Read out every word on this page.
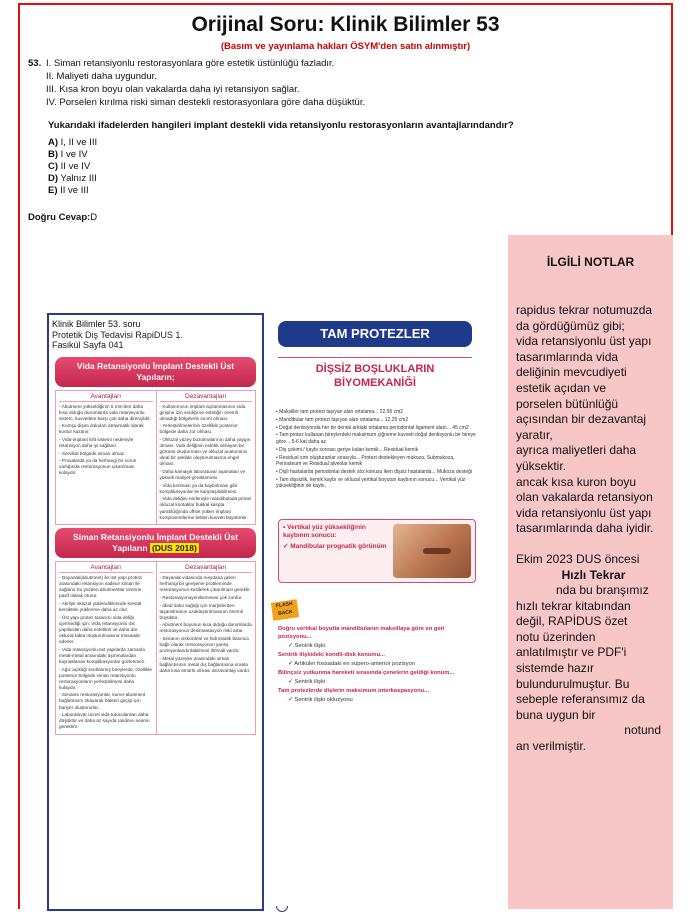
Orijinal Soru: Klinik Bilimler 53
(Basım ve yayınlama hakları ÖSYM'den satın alınmıştır)
53. I. Siman retansiyonlu restorasyonlara göre estetik üstünlüğü fazladır.
II. Maliyeti daha uygundur.
III. Kısa kron boyu olan vakalarda daha iyi retansiyon sağlar.
IV. Porselen kırılma riski siman destekli restorasyonlara göre daha düşüktür.
Yukarıdaki ifadelerden hangileri implant destekli vida retansiyonlu restorasyonların avantajlarındandır?
A) I, II ve III
B) I ve IV
C) II ve IV
D) Yalnız III
E) II ve III
Doğru Cevap:D
Klinik Bilimler 53. soru
Protetik Diş Tedavisi RapiDUS 1.
Fasikül Sayfa 041
Vida Retansiyonlu İmplant Destekli Üst Yapıların;
Avantajları
- Abutment yüksekliğinin 5 mm'den daha kısa olduğu durumlarda vida retansiyonlu sistem, kuvvetlere karşı çok daha dirençlidir.
- Komşu dişeti dokuları atravmatik olarak kontur kazanır.
- Vida-implant kilit sistemi nedeniyle retansiyon daha iyi sağlanır.
- Servikal bölgede siman olmaz.
- Provalarda ya da herhangi bir sorun varlığında restorasyonun çıkarılması kolaydır.
Dezavantajları
- Kullanımının implant açılanmasının vida girişine izin verdiği ve estetiğin önemli olmadığı bölgelerle sınırlı olması.
- Yerleştirilmelerinin özellikle posterior bölgede daha zor olması.
- Okluzal yüzey bozulmalarının daha yaygın olması. Vida deliğinin estetik olmayan bir görüntü oluşturması ve okluzal anatominin ideal bir şekilde oluşturulmasına engel olması.
- Daha kamaşık laboratuvar aşamaları ve yüksek maliyet gerektirmesi.
- Vida kırılması ya da kaybolması gibi komplikasyonlar ile karşılaşılabilmesi.
- Vida deliğini nedeniyle mandibulada primer okluzal kontaklar bukkal kaspta yaratıldığında offset yükler implant komponentlerine iletilen kuvveti büyütürler.
Siman Retansiyonlu İmplant Destekli Üst Yapıların (DUS 2018)
Avantajları
- Dayanak(abutment) ile üst yapı protezi arasındaki retansiyon sadece siman ile sağlanır bu yüzden abutmentlar üzerine pasif olarak oturur.
- Akrilyk okluzal yüklendiklerinde krestal kemikteki yüklenme daha az olur.
- Üst yapı protez tasarımı vida deliği içermediği için; Vida retansiyonlu üst yapılardan daha estetiktir ve daha dar okluzal tabla oluşturulmasına müsaade ederler.
- Vida retansiyonlu üst yapılarda zamanla metal-metal arasındaki aşınmalardan kaynaklanan komplikasyonlar gözlenmez.
- Ağız açıklığı kısıtlanmış bireylerde, özellikle posterior bölgede siman retansiyonlu restorasyonların yerleştirilmesi daha kolaydır.
- Simante restorasyonlar, kuron-abutment bağlantısını tıkayarak bakteri geçişi için bariyer oluştururlar.
- Laboratuvar ücreti vida tutuculardan daha düşüktür ve daha az sayıda randevu seansı gerektirir.
Dezavantajları
- Dayanak vidasında meydana gelen herhangi bir gevşeme probleminde restorasyonun kesilerek çıkarılması gereklir.
- Restorasyonuyeniliemmesi çok zordur.
- İdeal doku sağlığı için marjinlerden taşanslmanın uzaklaştırılmasının önemli büyüktür.
- Abutment boyunun kısa olduğu durumlarda restorasyonun desimantasyon riski artar.
- Simanın viskozitesi ve hidrostatik basınca bağlı olarak restorasyonun yanlış pozisyonlandırılabilmesi ihtimali vardır.
- Metal yüzeyler arasındaki siman bağlantısının metal dış bağlantısına oranla daha kısa ömürlü olması dezavantajı vardır.
TAM PROTEZLER
DİŞSİZ BOŞLUKLARIN BİYOMEKANİĞİ
• Maksiller tam protezi taşıyan alan ortalama... 22,96 cm2
• Mandibular tam protezi taşıyan alan ortalama... 12,25 cm2
• Doğal dentisyonda her bir dental arktaki ortalama periodontal ligament alanı... 45 cm2
• Tam protez kullanan bireylerdeki maksimum çiğneme kuvveti doğal dentisyonlu bir bireye göre... 5-6 kat daha az
• Diş çekimi / kaybı sonrası geriye kalan kemik... Residual kemik
• Residual sırtı oluşturanlar sırasıyla... Protezi destekleyen mukoza, Submukoza, Periosteum ve Residual alveolar kemik
• Dişli hastalarda periodontal destek söz konusu iken dişsiz hastalarda... Mukoza desteği
• Tam dişsizlik, kemik kaybı ve okluzal vertikal boyutun kaybının sonucu... Vertikal yüz yüksekliğinin de kaybı,
• Vertikal yüz yüksekliğinin kaybının sonucu:
✓ Mandibular prognatik görünüm
FLASH BACK
Doğru vertikal boyutta mandibulanın maksillaya göre en geri pozisyonu...
✓ Sentrik ilişki
Sentrik ilişkideki kondil-disk konumu...
✓ Artiküler fossadaki en süpero-anterior pozisyon
Bilinçsiz yutkunma hareketi sırasında çenelerin geldiği konum...
✓ Sentrik ilişki
Tam protezlerde dişlerin maksimum interkaspasyonu...
✓ Sentrik ilişki okluzyonu
İLGİLİ NOTLAR
rapidus tekrar notumuzda
da gördüğümüz gibi;
vida retansiyonlu üst yapı
tasarımlarında vida
deliğinin mevcudiyeti
estetik açıdan ve
porselen bütünlüğü
açısından bir dezavantaj
yaratır,
ayrıca maliyetleri daha
yüksektir.
ancak kısa kuron boyu
olan vakalarda retansiyon
vida retansiyonlu üst yapı
tasarımlarında daha iyidir.
Ekim 2023 DUS öncesi
Hızlı Tekrar
nda bu branşımız
hızlı tekrar kitabından
değil, RAPİDUS özet
notu üzerinden
anlatılmıştır ve PDF'i
sistemde hazır
bulundurulmuştur. Bu
sebeple referansımız da
buna uygun bir
notund
an verilmiştir.
